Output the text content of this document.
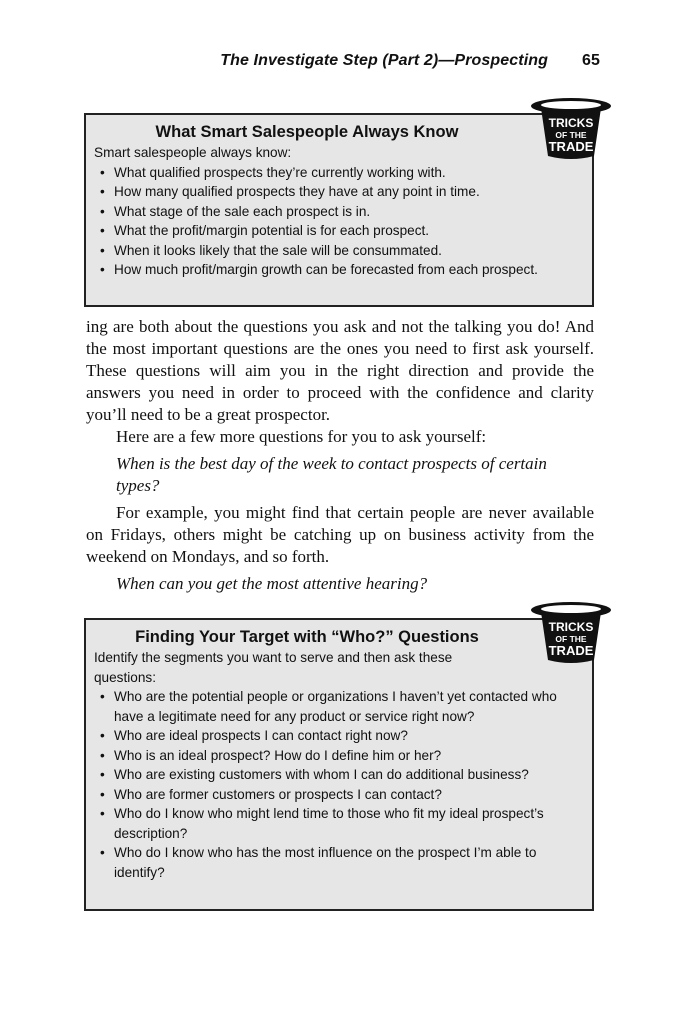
The Investigate Step (Part 2)—Prospecting 65
What Smart Salespeople Always Know
Smart salespeople always know:
• What qualified prospects they’re currently working with.
• How many qualified prospects they have at any point in time.
• What stage of the sale each prospect is in.
• What the profit/margin potential is for each prospect.
• When it looks likely that the sale will be consummated.
• How much profit/margin growth can be forecasted from each prospect.
TRICKS
OF THE
TRADE

ing are both about the questions you ask and not the talking you do! And the most important questions are the ones you need to first ask yourself. These questions will aim you in the right direction and provide the answers you need in order to proceed with the confidence and clarity you’ll need to be a great prospector.

Here are a few more questions for you to ask yourself:

When is the best day of the week to contact prospects of certain types?

For example, you might find that certain people are never available on Fridays, others might be catching up on business activity from the weekend on Mondays, and so forth.

When can you get the most attentive hearing?

Finding Your Target with “Who?” Questions
Identify the segments you want to serve and then ask these questions:
• Who are the potential people or organizations I haven’t yet contacted who have a legitimate need for any product or service right now?
• Who are ideal prospects I can contact right now?
• Who is an ideal prospect? How do I define him or her?
• Who are existing customers with whom I can do additional business?
• Who are former customers or prospects I can contact?
• Who do I know who might lend time to those who fit my ideal prospect’s description?
• Who do I know who has the most influence on the prospect I’m able to identify?
TRICKS
OF THE
TRADE
